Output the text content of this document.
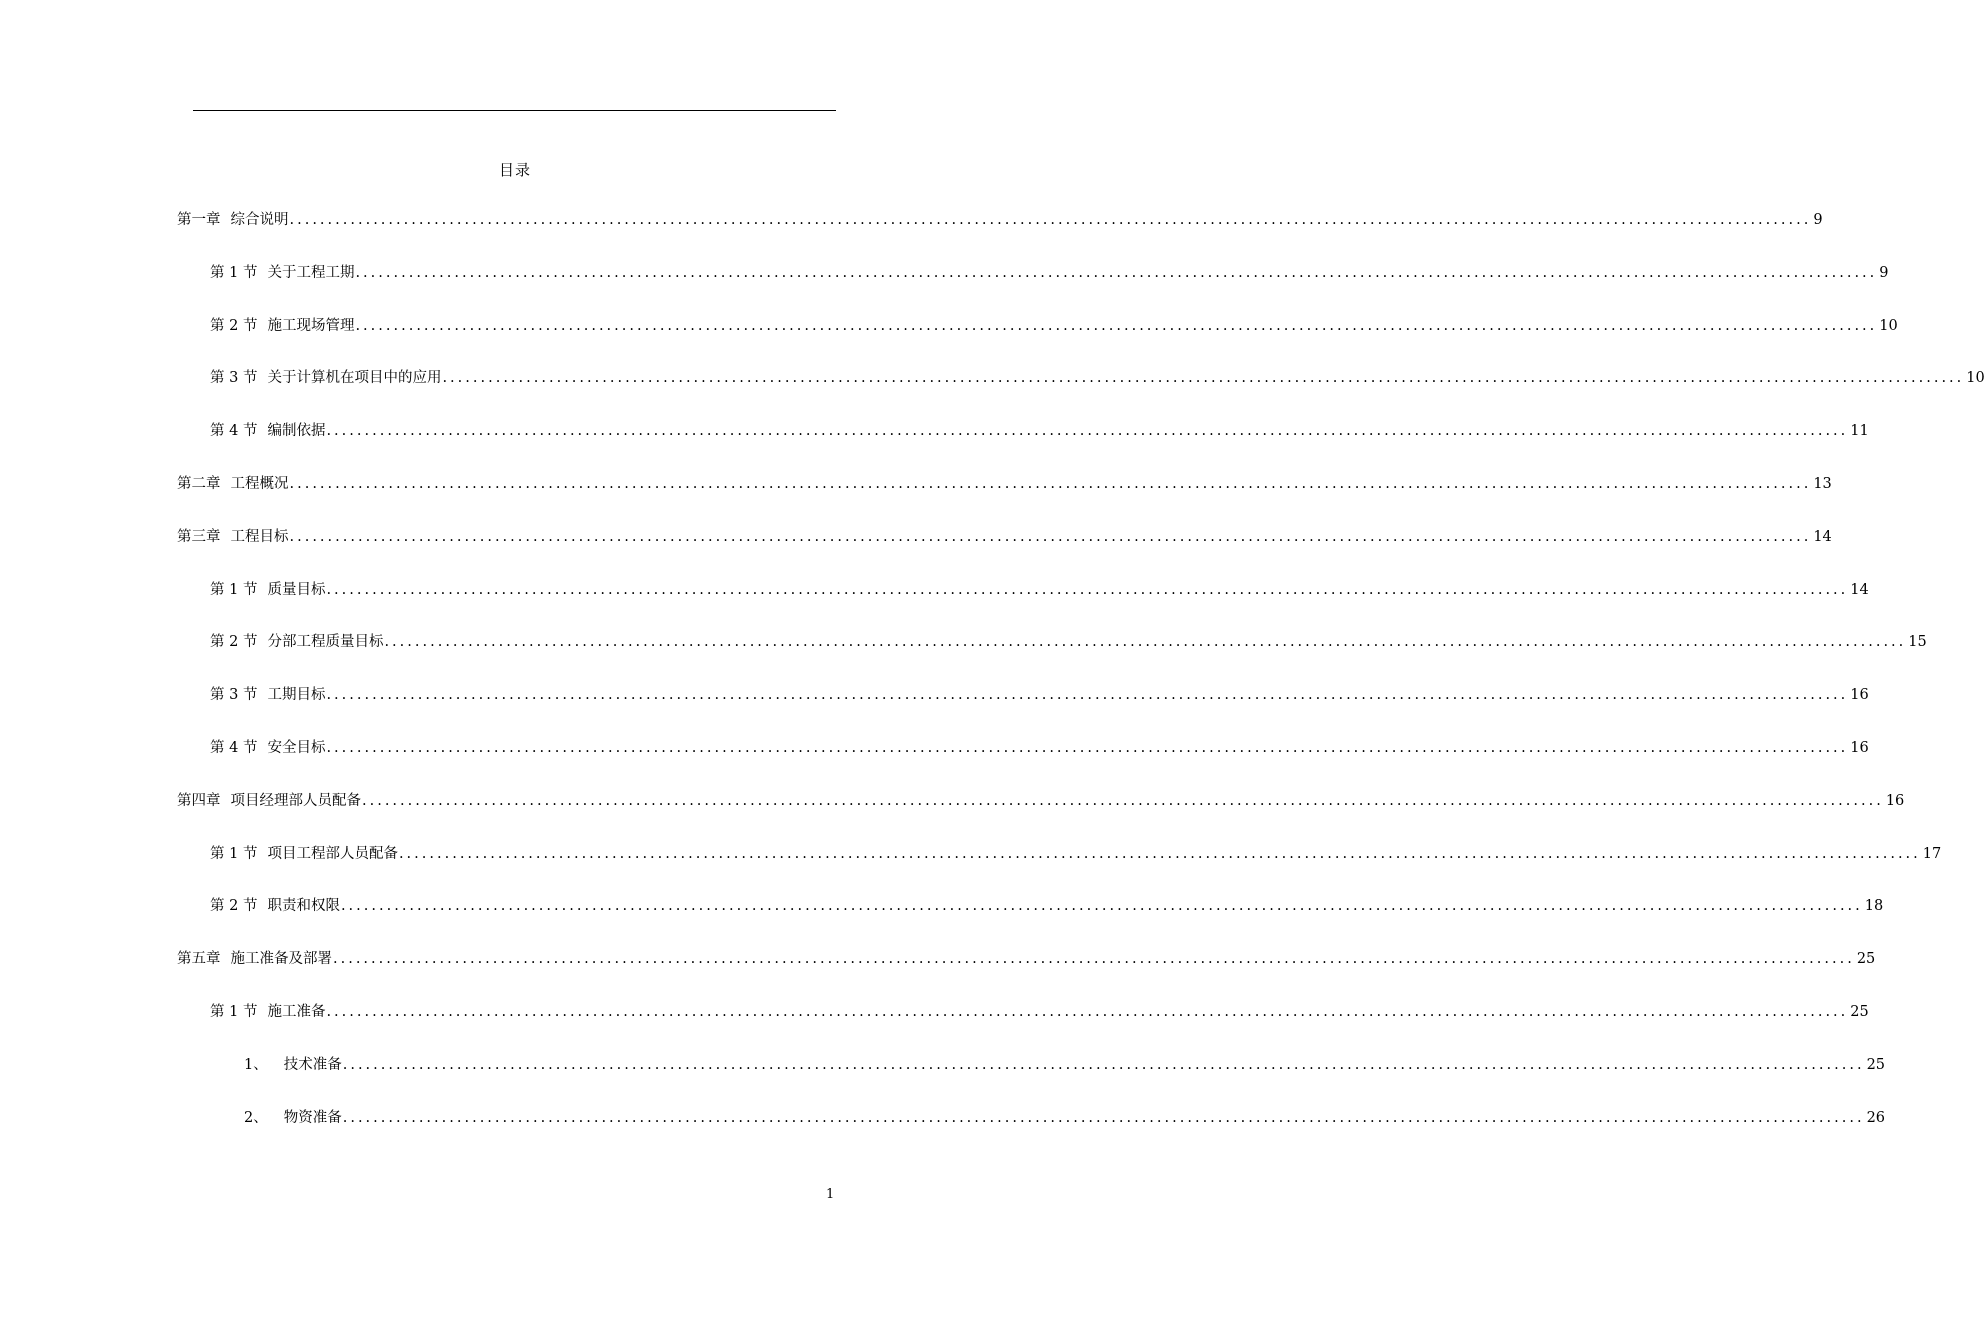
目录
第一章 综合说明 ........................................................................................................................................................................................................ 9
第 1 节 关于工程工期 ........................................................................................................................................................................................................ 9
第 2 节 施工现场管理 ........................................................................................................................................................................................................ 10
第 3 节 关于计算机在项目中的应用 ........................................................................................................................................................................................................ 10
第 4 节 编制依据 ........................................................................................................................................................................................................ 11
第二章 工程概况 ........................................................................................................................................................................................................ 13
第三章 工程目标 ........................................................................................................................................................................................................ 14
第 1 节 质量目标 ........................................................................................................................................................................................................ 14
第 2 节 分部工程质量目标 ........................................................................................................................................................................................................ 15
第 3 节 工期目标 ........................................................................................................................................................................................................ 16
第 4 节 安全目标 ........................................................................................................................................................................................................ 16
第四章 项目经理部人员配备 ........................................................................................................................................................................................................ 16
第 1 节 项目工程部人员配备 ........................................................................................................................................................................................................ 17
第 2 节 职责和权限 ........................................................................................................................................................................................................ 18
第五章 施工准备及部署 ........................................................................................................................................................................................................ 25
第 1 节 施工准备 ........................................................................................................................................................................................................ 25
1、 技术准备 ........................................................................................................................................................................................................ 25
2、 物资准备 ........................................................................................................................................................................................................ 26
1
